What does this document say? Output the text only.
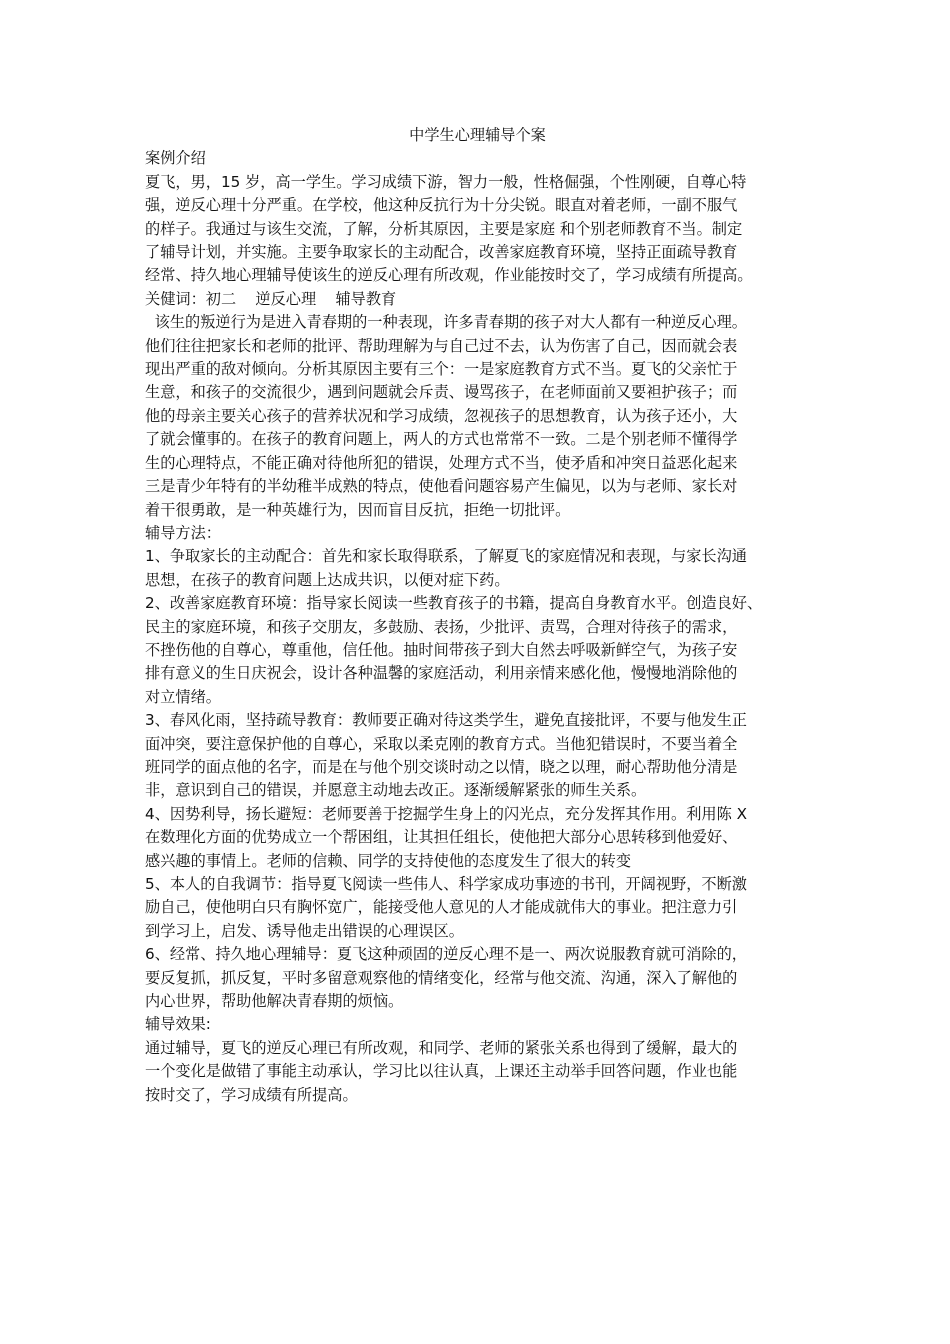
中学生心理辅导个案

案例介绍

夏飞，男，15 岁，高一学生。学习成绩下游，智力一般，性格倔强，个性刚硬，自尊心特

强，逆反心理十分严重。在学校，他这种反抗行为十分尖锐。眼直对着老师，一副不服气

的样子。我通过与该生交流，了解，分析其原因，主要是家庭 和个别老师教育不当。制定

了辅导计划，并实施。主要争取家长的主动配合，改善家庭教育环境，坚持正面疏导教育

经常、持久地心理辅导使该生的逆反心理有所改观，作业能按时交了，学习成绩有所提高。

关健词：初二    逆反心理    辅导教育

该生的叛逆行为是进入青春期的一种表现，许多青春期的孩子对大人都有一种逆反心理。

他们往往把家长和老师的批评、帮助理解为与自己过不去，认为伤害了自己，因而就会表

现出严重的敌对倾向。分析其原因主要有三个：一是家庭教育方式不当。夏飞的父亲忙于

生意，和孩子的交流很少，遇到问题就会斥责、谩骂孩子，在老师面前又要袒护孩子；而

他的母亲主要关心孩子的营养状况和学习成绩，忽视孩子的思想教育，认为孩子还小，大

了就会懂事的。在孩子的教育问题上，两人的方式也常常不一致。二是个别老师不懂得学

生的心理特点，不能正确对待他所犯的错误，处理方式不当，使矛盾和冲突日益恶化起来

三是青少年特有的半幼稚半成熟的特点，使他看问题容易产生偏见，以为与老师、家长对

着干很勇敢，是一种英雄行为，因而盲目反抗，拒绝一切批评。

辅导方法：

1、争取家长的主动配合：首先和家长取得联系，了解夏飞的家庭情况和表现，与家长沟通

思想，在孩子的教育问题上达成共识，以便对症下药。

2、改善家庭教育环境：指导家长阅读一些教育孩子的书籍，提高自身教育水平。创造良好、

民主的家庭环境，和孩子交朋友，多鼓励、表扬，少批评、责骂，合理对待孩子的需求，

不挫伤他的自尊心，尊重他，信任他。抽时间带孩子到大自然去呼吸新鲜空气，为孩子安

排有意义的生日庆祝会，设计各种温馨的家庭活动，利用亲情来感化他，慢慢地消除他的

对立情绪。

3、春风化雨，坚持疏导教育：教师要正确对待这类学生，避免直接批评，不要与他发生正

面冲突，要注意保护他的自尊心，采取以柔克刚的教育方式。当他犯错误时，不要当着全

班同学的面点他的名字，而是在与他个别交谈时动之以情，晓之以理，耐心帮助他分清是

非，意识到自己的错误，并愿意主动地去改正。逐渐缓解紧张的师生关系。

4、因势利导，扬长避短：老师要善于挖掘学生身上的闪光点，充分发挥其作用。利用陈 X

在数理化方面的优势成立一个帮困组，让其担任组长，使他把大部分心思转移到他爱好、

感兴趣的事情上。老师的信赖、同学的支持使他的态度发生了很大的转变

5、本人的自我调节：指导夏飞阅读一些伟人、科学家成功事迹的书刊，开阔视野，不断激

励自己，使他明白只有胸怀宽广，能接受他人意见的人才能成就伟大的事业。把注意力引

到学习上，启发、诱导他走出错误的心理误区。

6、经常、持久地心理辅导：夏飞这种顽固的逆反心理不是一、两次说服教育就可消除的，

要反复抓，抓反复，平时多留意观察他的情绪变化，经常与他交流、沟通，深入了解他的

内心世界，帮助他解决青春期的烦恼。

辅导效果:

通过辅导，夏飞的逆反心理已有所改观，和同学、老师的紧张关系也得到了缓解，最大的

一个变化是做错了事能主动承认，学习比以往认真，上课还主动举手回答问题，作业也能

按时交了，学习成绩有所提高。
